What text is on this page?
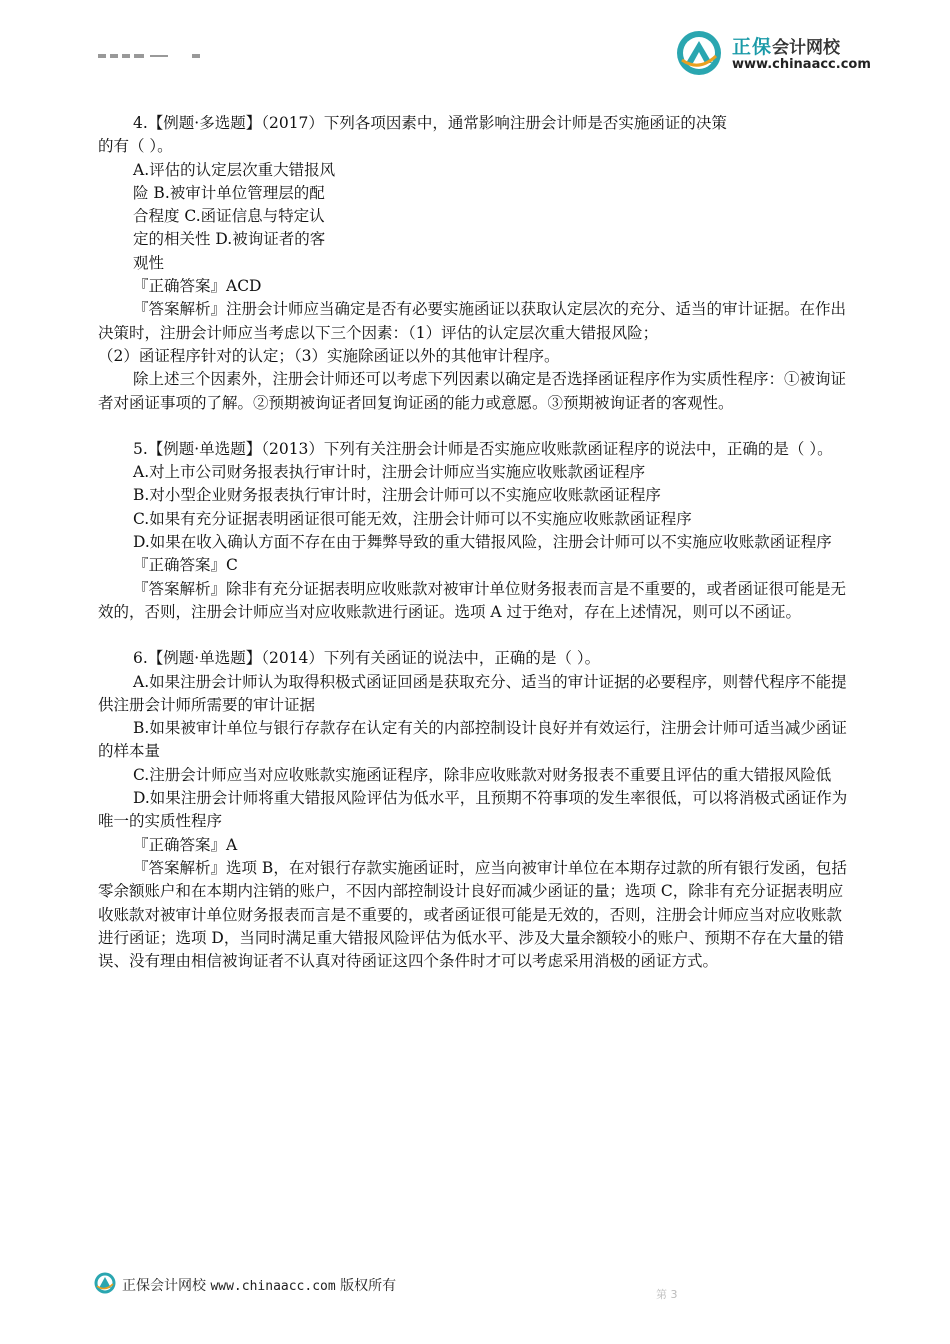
正保会计网校
www.chinaacc.com

4.【例题·多选题】（2017）下列各项因素中，通常影响注册会计师是否实施函证的决策

的有（ ）。

A.评估的认定层次重大错报风

险 B.被审计单位管理层的配

合程度 C.函证信息与特定认

定的相关性 D.被询证者的客

观性

『正确答案』ACD

『答案解析』注册会计师应当确定是否有必要实施函证以获取认定层次的充分、适当的审计证据。在作出决策时，注册会计师应当考虑以下三个因素：（1）评估的认定层次重大错报风险；

（2）函证程序针对的认定；（3）实施除函证以外的其他审计程序。

除上述三个因素外，注册会计师还可以考虑下列因素以确定是否选择函证程序作为实质性程序：①被询证者对函证事项的了解。②预期被询证者回复询证函的能力或意愿。③预期被询证者的客观性。

5.【例题·单选题】（2013）下列有关注册会计师是否实施应收账款函证程序的说法中，正确的是（ ）。

A.对上市公司财务报表执行审计时，注册会计师应当实施应收账款函证程序

B.对小型企业财务报表执行审计时，注册会计师可以不实施应收账款函证程序

C.如果有充分证据表明函证很可能无效，注册会计师可以不实施应收账款函证程序

D.如果在收入确认方面不存在由于舞弊导致的重大错报风险，注册会计师可以不实施应收账款函证程序

『正确答案』C

『答案解析』除非有充分证据表明应收账款对被审计单位财务报表而言是不重要的，或者函证很可能是无效的，否则，注册会计师应当对应收账款进行函证。选项 A 过于绝对，存在上述情况，则可以不函证。

6.【例题·单选题】（2014）下列有关函证的说法中，正确的是（ ）。

A.如果注册会计师认为取得积极式函证回函是获取充分、适当的审计证据的必要程序，则替代程序不能提供注册会计师所需要的审计证据

B.如果被审计单位与银行存款存在认定有关的内部控制设计良好并有效运行，注册会计师可适当减少函证的样本量

C.注册会计师应当对应收账款实施函证程序，除非应收账款对财务报表不重要且评估的重大错报风险低

D.如果注册会计师将重大错报风险评估为低水平，且预期不符事项的发生率很低，可以将消极式函证作为唯一的实质性程序

『正确答案』A

『答案解析』选项 B，在对银行存款实施函证时，应当向被审计单位在本期存过款的所有银行发函，包括零余额账户和在本期内注销的账户，不因内部控制设计良好而减少函证的量；选项 C，除非有充分证据表明应收账款对被审计单位财务报表而言是不重要的，或者函证很可能是无效的，否则，注册会计师应当对应收账款进行函证；选项 D，当同时满足重大错报风险评估为低水平、涉及大量余额较小的账户、预期不存在大量的错误、没有理由相信被询证者不认真对待函证这四个条件时才可以考虑采用消极的函证方式。

正保会计网校 www.chinaacc.com 版权所有
第 3
